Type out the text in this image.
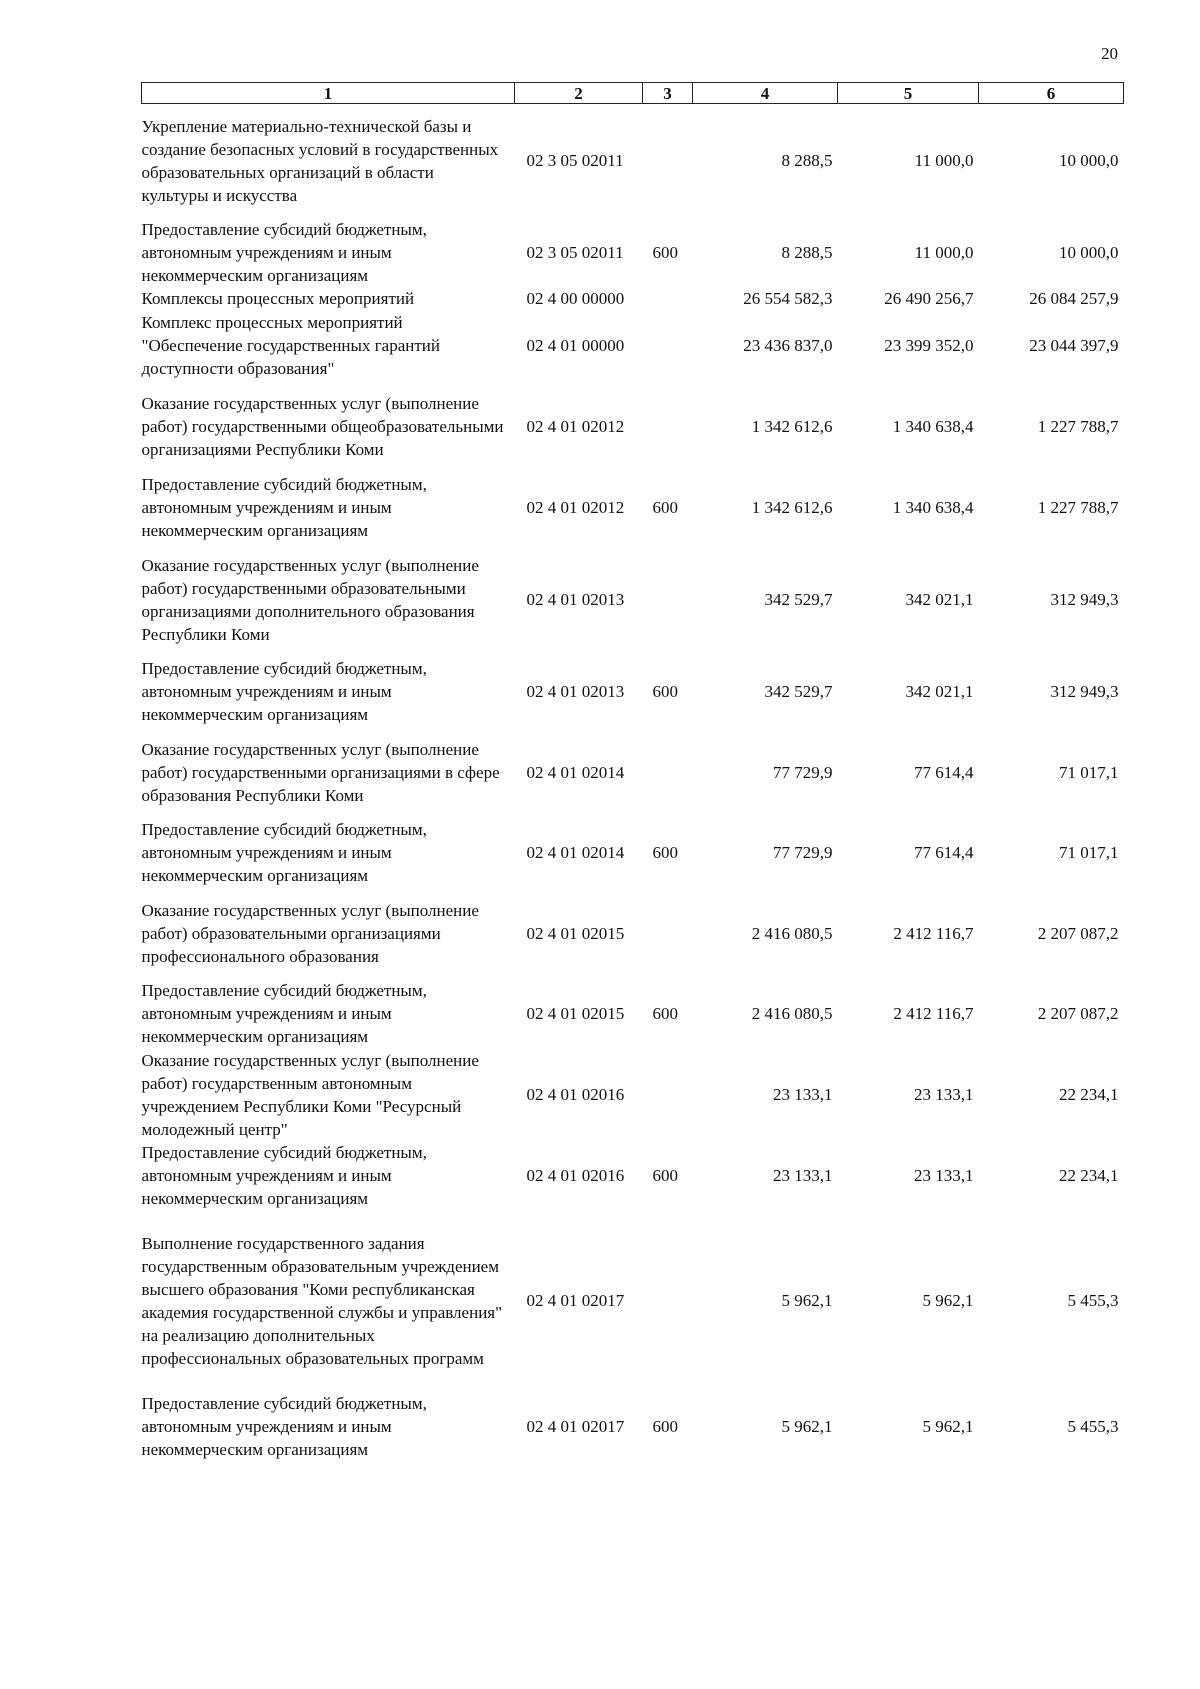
20
1	2	3	4	5	6
Укрепление материально-технической базы и создание безопасных условий в государственных образовательных организаций в области культуры и искусства	02 3 05 02011		8 288,5	11 000,0	10 000,0
Предоставление субсидий бюджетным, автономным учреждениям и иным некоммерческим организациям	02 3 05 02011	600	8 288,5	11 000,0	10 000,0
Комплексы процессных мероприятий	02 4 00 00000		26 554 582,3	26 490 256,7	26 084 257,9
Комплекс процессных мероприятий "Обеспечение государственных гарантий доступности образования"	02 4 01 00000		23 436 837,0	23 399 352,0	23 044 397,9
Оказание государственных услуг (выполнение работ) государственными общеобразовательными организациями Республики Коми	02 4 01 02012		1 342 612,6	1 340 638,4	1 227 788,7
Предоставление субсидий бюджетным, автономным учреждениям и иным некоммерческим организациям	02 4 01 02012	600	1 342 612,6	1 340 638,4	1 227 788,7
Оказание государственных услуг (выполнение работ) государственными образовательными организациями дополнительного образования Республики Коми	02 4 01 02013		342 529,7	342 021,1	312 949,3
Предоставление субсидий бюджетным, автономным учреждениям и иным некоммерческим организациям	02 4 01 02013	600	342 529,7	342 021,1	312 949,3
Оказание государственных услуг (выполнение работ) государственными организациями в сфере образования Республики Коми	02 4 01 02014		77 729,9	77 614,4	71 017,1
Предоставление субсидий бюджетным, автономным учреждениям и иным некоммерческим организациям	02 4 01 02014	600	77 729,9	77 614,4	71 017,1
Оказание государственных услуг (выполнение работ) образовательными организациями профессионального образования	02 4 01 02015		2 416 080,5	2 412 116,7	2 207 087,2
Предоставление субсидий бюджетным, автономным учреждениям и иным некоммерческим организациям	02 4 01 02015	600	2 416 080,5	2 412 116,7	2 207 087,2
Оказание государственных услуг (выполнение работ) государственным автономным учреждением Республики Коми "Ресурсный молодежный центр"	02 4 01 02016		23 133,1	23 133,1	22 234,1
Предоставление субсидий бюджетным, автономным учреждениям и иным некоммерческим организациям	02 4 01 02016	600	23 133,1	23 133,1	22 234,1
Выполнение государственного задания государственным образовательным учреждением высшего образования "Коми республиканская академия государственной службы и управления" на реализацию дополнительных профессиональных образовательных программ	02 4 01 02017		5 962,1	5 962,1	5 455,3
Предоставление субсидий бюджетным, автономным учреждениям и иным некоммерческим организациям	02 4 01 02017	600	5 962,1	5 962,1	5 455,3
